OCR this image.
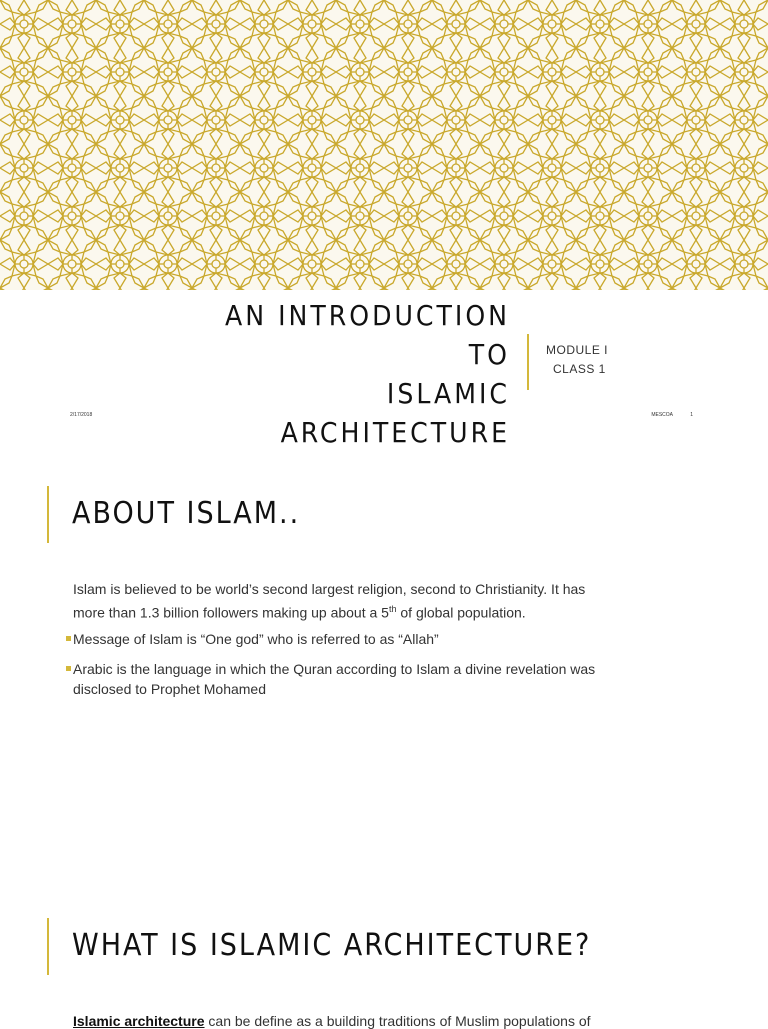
AN INTRODUCTION TO
ISLAMIC ARCHITECTURE
MODULE I
CLASS 1
2/17/2018	MESCOA	1
ABOUT ISLAM..
Islam is believed to be world’s second largest religion, second to Christianity. It has
more than 1.3 billion followers making up about a 5th of global population.
Message of Islam is “One god” who is referred to as “Allah”
Arabic is the language in which the Quran according to Islam a divine revelation was
disclosed to Prophet Mohamed
WHAT IS ISLAMIC ARCHITECTURE?
Islamic architecture can be define as a building traditions of Muslim populations of
